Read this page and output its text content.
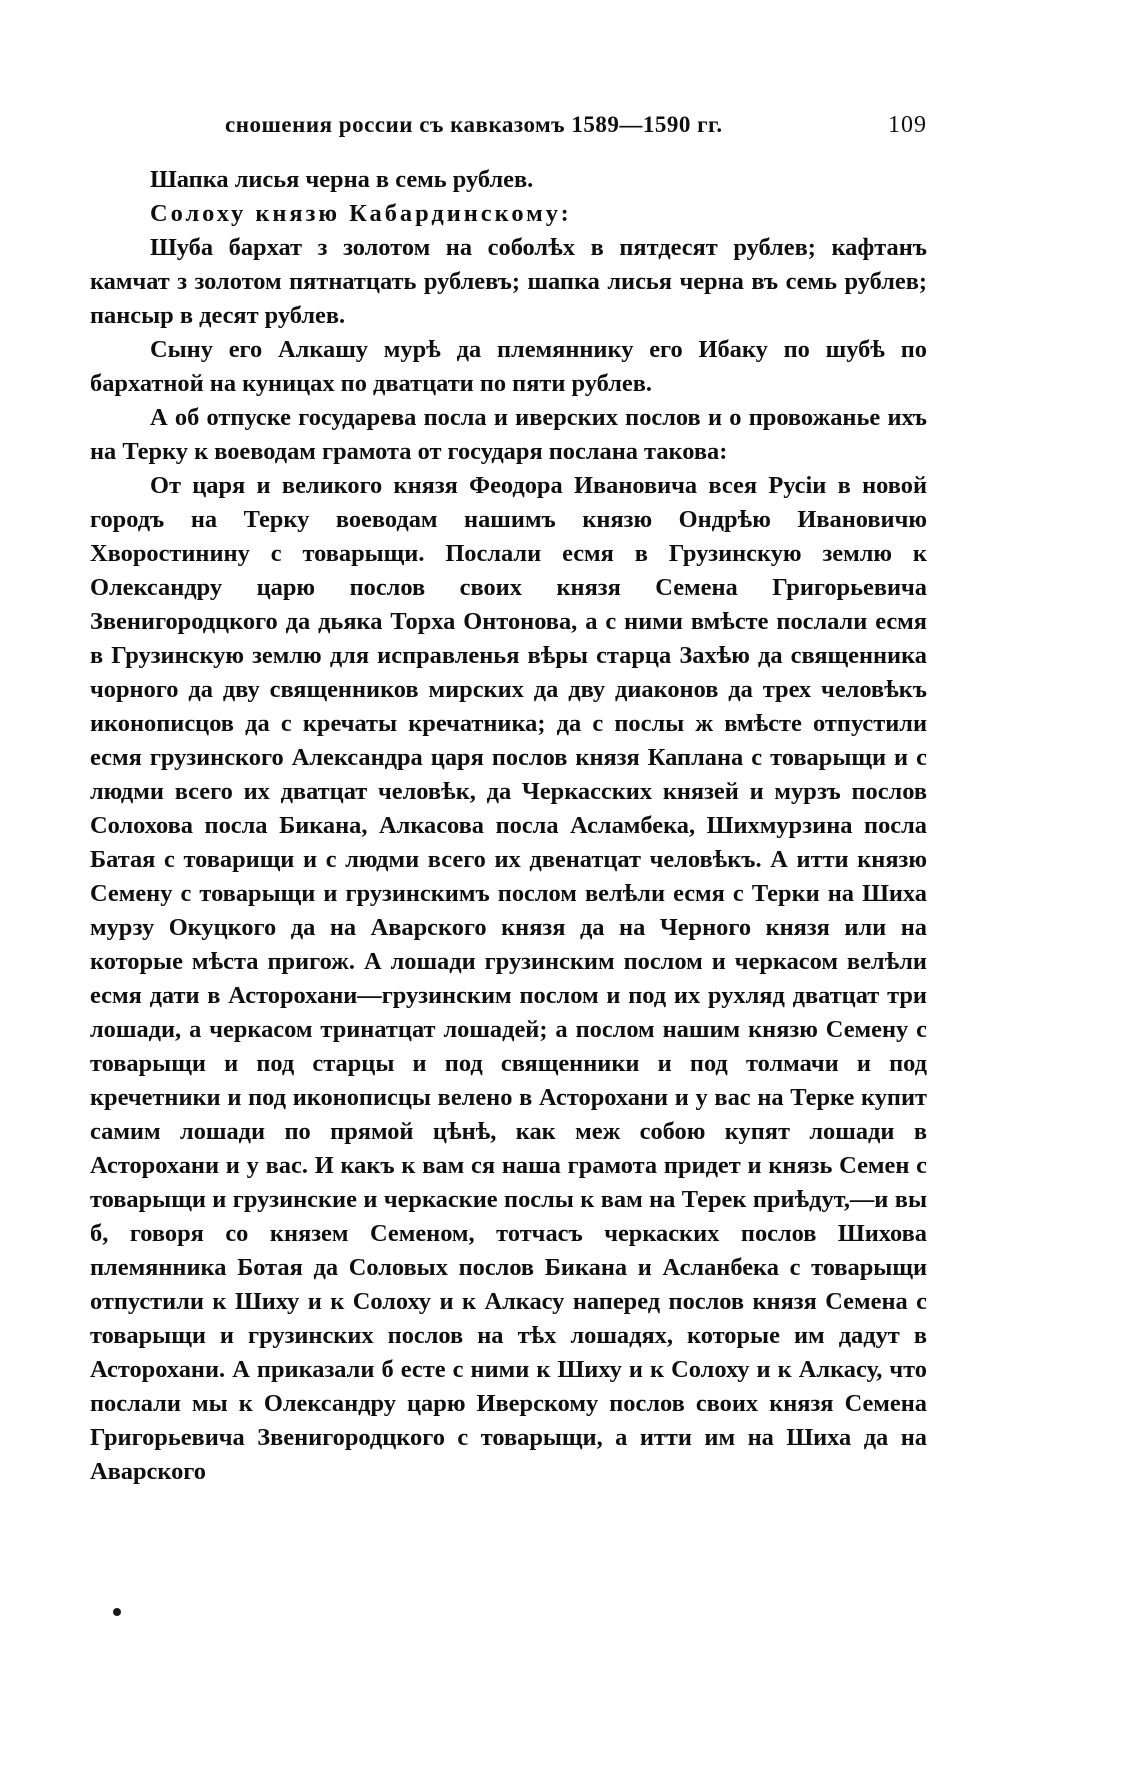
сношения россии съ кавказомъ 1589—1590 гг.	109

Шапка лисья черна в семь рублев.

Солоху князю Кабардинскому:

Шуба бархат з золотом на соболѣх в пятдесят рублев; кафтанъ камчат з золотом пятнатцать рублевъ; шапка лисья черна въ семь рублев; пансыр в десят рублев.

Сыну его Алкашу мурѣ да племяннику его Ибаку по шубѣ по бархатной на куницах по дватцати по пяти рублев.

А об отпуске государева посла и иверских послов и о провожанье ихъ на Терку к воеводам грамота от государя послана такова:

От царя и великого князя Феодора Ивановича всея Русіи в новой городъ на Терку воеводам нашимъ князю Ондрѣю Ивановичю Хворостинину с товарыщи. Послали есмя в Грузинскую землю к Олександру царю послов своих князя Семена Григорьевича Звенигородцкого да дьяка Торха Онтонова, а с ними вмѣсте послали есмя в Грузинскую землю для исправленья вѣры старца Захѣю да священника чорного да дву священников мирских да дву диаконов да трех человѣкъ иконописцов да с кречаты кречатника; да с послы ж вмѣсте отпустили есмя грузинского Александра царя послов князя Каплана с товарыщи и с людми всего их дватцат человѣк, да Черкасских князей и мурзъ послов Солохова посла Бикана, Алкасова посла Асламбека, Шихмурзина посла Батая с товарищи и с людми всего их двенатцат человѣкъ. А итти князю Семену с товарыщи и грузинскимъ послом велѣли есмя с Терки на Шиха мурзу Окуцкого да на Аварского князя да на Черного князя или на которые мѣста пригож. А лошади грузинским послом и черкасом велѣли есмя дати в Асторохани—грузинским послом и под их рухляд дватцат три лошади, а черкасом тринатцат лошадей; а послом нашим князю Семену с товарыщи и под старцы и под священники и под толмачи и под кречетники и под иконописцы велено в Асторохани и у вас на Терке купит самим лошади по прямой цѣнѣ, как меж собою купят лошади в Асторохани и у вас. И какъ к вам ся наша грамота придет и князь Семен с товарыщи и грузинские и черкаские послы к вам на Терек приѣдут,—и вы б, говоря со князем Семеном, тотчасъ черкаских послов Шихова племянника Ботая да Соловых послов Бикана и Асланбека с товарыщи отпустили к Шиху и к Солоху и к Алкасу наперед послов князя Семена с товарыщи и грузинских послов на тѣх лошадях, которые им дадут в Асторохани. А приказали б есте с ними к Шиху и к Солоху и к Алкасу, что послали мы к Олександру царю Иверскому послов своих князя Семена Григорьевича Звенигородцкого с товарыщи, а итти им на Шиха да на Аварского
